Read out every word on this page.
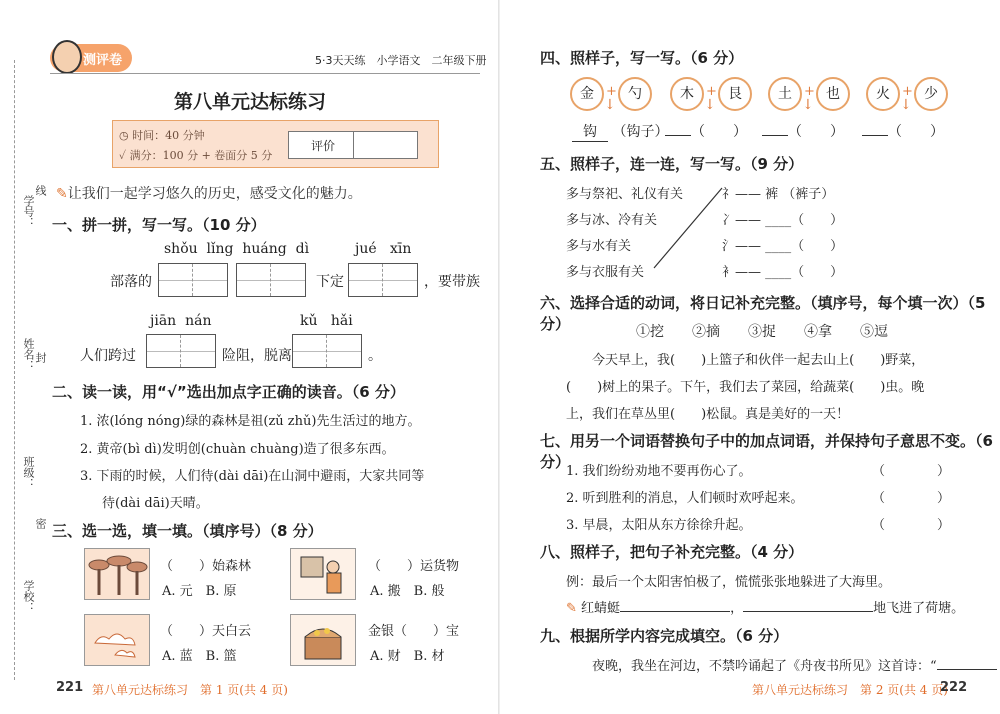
学号：
线
姓名： 封
班级：
密
学校：
测评卷	5·3天天练　小学语文　二年级下册
第八单元达标练习
◷ 时间：40 分钟
✓ 满分：100 分 + 卷面分 5 分
评价
✎让我们一起学习悠久的历史，感受文化的魅力。
一、拼一拼，写一写。（10 分）
shǒu  lǐng  huáng  dì	jué   xīn
部落的	下定	，要带族
jiān  nán	kǔ   hǎi
人们跨过	险阻，脱离	。
二、读一读，用“√”选出加点字正确的读音。（6 分）
1. 浓(lóng nóng)绿的森林是祖(zǔ zhǔ)先生活过的地方。
2. 黄帝(bì dì)发明创(chuàn chuàng)造了很多东西。
3. 下雨的时候，人们待(dài dāi)在山洞中避雨，大家共同等
待(dài dāi)天晴。
三、选一选，填一填。（填序号）（8 分）
（　　）始森林
A. 元　B. 原
（　　）运货物
A. 搬　B. 般
（　　）天白云
A. 蓝　B. 篮
金银（　　）宝
A. 财　B. 材
221 第八单元达标练习　第 1 页(共 4 页)
四、照样子，写一写。（6 分）
金 +
↓
勺	木 +
↓
艮	土 +
↓
也	火 +
↓
少
钩 （钩子）	（　　）	（　　）	（　　）
五、照样子，连一连，写一写。（9 分）
多与祭祀、礼仪有关
多与冰、冷有关
多与水有关
多与衣服有关
礻—— 裤 （裤子）
冫—— ____（　　）
氵—— ____（　　）
衤—— ____（　　）
六、选择合适的动词，将日记补充完整。（填序号，每个填一次）（5 分）	①挖　　②摘　　③捉　　④拿　　⑤逗
今天早上，我(　　)上篮子和伙伴一起去山上(　　)野菜，
(　　)树上的果子。下午，我们去了菜园，给蔬菜(　　)虫。晚
上，我们在草丛里(　　)松鼠。真是美好的一天！
七、用另一个词语替换句子中的加点词语，并保持句子意思不变。（6 分）
1. 我们纷纷劝地不要再伤心了。	（　　　　）
2. 听到胜利的消息，人们顿时欢呼起来。	（　　　　）
3. 早晨，太阳从东方徐徐升起。	（　　　　）
八、照样子，把句子补充完整。（4 分）
例：最后一个太阳害怕极了，慌慌张张地躲进了大海里。
✎ 红蜻蜓	，	地飞进了荷塘。
九、根据所学内容完成填空。（6 分）
夜晚，我坐在河边，不禁吟诵起了《舟夜书所见》这首诗：“
第八单元达标练习　第 2 页(共 4 页)
222
